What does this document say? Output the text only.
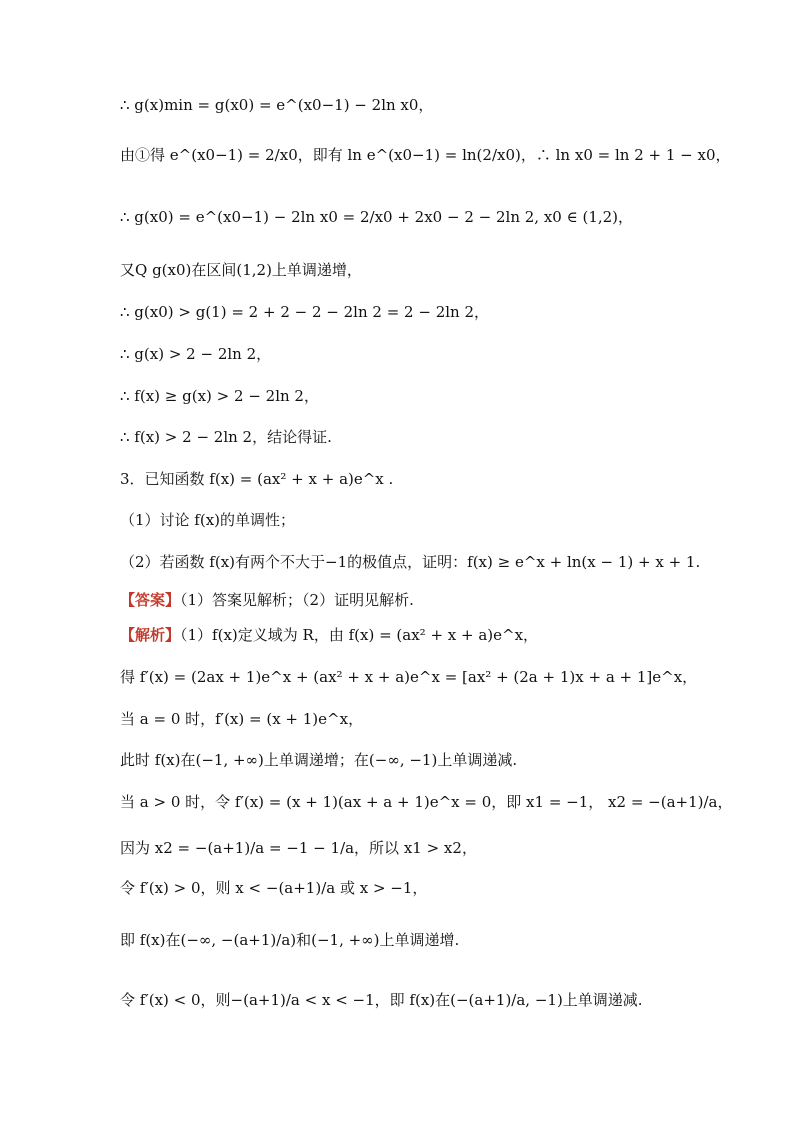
∴ g(x)min = g(x0) = e^(x0−1) − 2ln x0，
由①得 e^(x0−1) = 2/x0，即有 ln e^(x0−1) = ln(2/x0)，∴ ln x0 = ln 2 + 1 − x0，
∴ g(x0) = e^(x0−1) − 2ln x0 = 2/x0 + 2x0 − 2 − 2ln 2, x0 ∈ (1,2)，
又Q g(x0)在区间(1,2)上单调递增，
∴ g(x0) > g(1) = 2 + 2 − 2 − 2ln 2 = 2 − 2ln 2，
∴ g(x) > 2 − 2ln 2，
∴ f(x) ≥ g(x) > 2 − 2ln 2，
∴ f(x) > 2 − 2ln 2，结论得证.
3．已知函数 f(x) = (ax² + x + a)e^x .
（1）讨论 f(x)的单调性；
（2）若函数 f(x)有两个不大于−1的极值点，证明：f(x) ≥ e^x + ln(x − 1) + x + 1.
【答案】（1）答案见解析；（2）证明见解析.
【解析】（1）f(x)定义域为 R，由 f(x) = (ax² + x + a)e^x，
得 f′(x) = (2ax + 1)e^x + (ax² + x + a)e^x = [ax² + (2a + 1)x + a + 1]e^x，
当 a = 0 时，f′(x) = (x + 1)e^x，
此时 f(x)在(−1, +∞)上单调递增；在(−∞, −1)上单调递减.
当 a > 0 时，令 f′(x) = (x + 1)(ax + a + 1)e^x = 0，即 x1 = −1， x2 = −(a+1)/a，
因为 x2 = −(a+1)/a = −1 − 1/a，所以 x1 > x2，
令 f′(x) > 0，则 x < −(a+1)/a 或 x > −1，
即 f(x)在(−∞, −(a+1)/a)和(−1, +∞)上单调递增.
令 f′(x) < 0，则−(a+1)/a < x < −1，即 f(x)在(−(a+1)/a, −1)上单调递减.
